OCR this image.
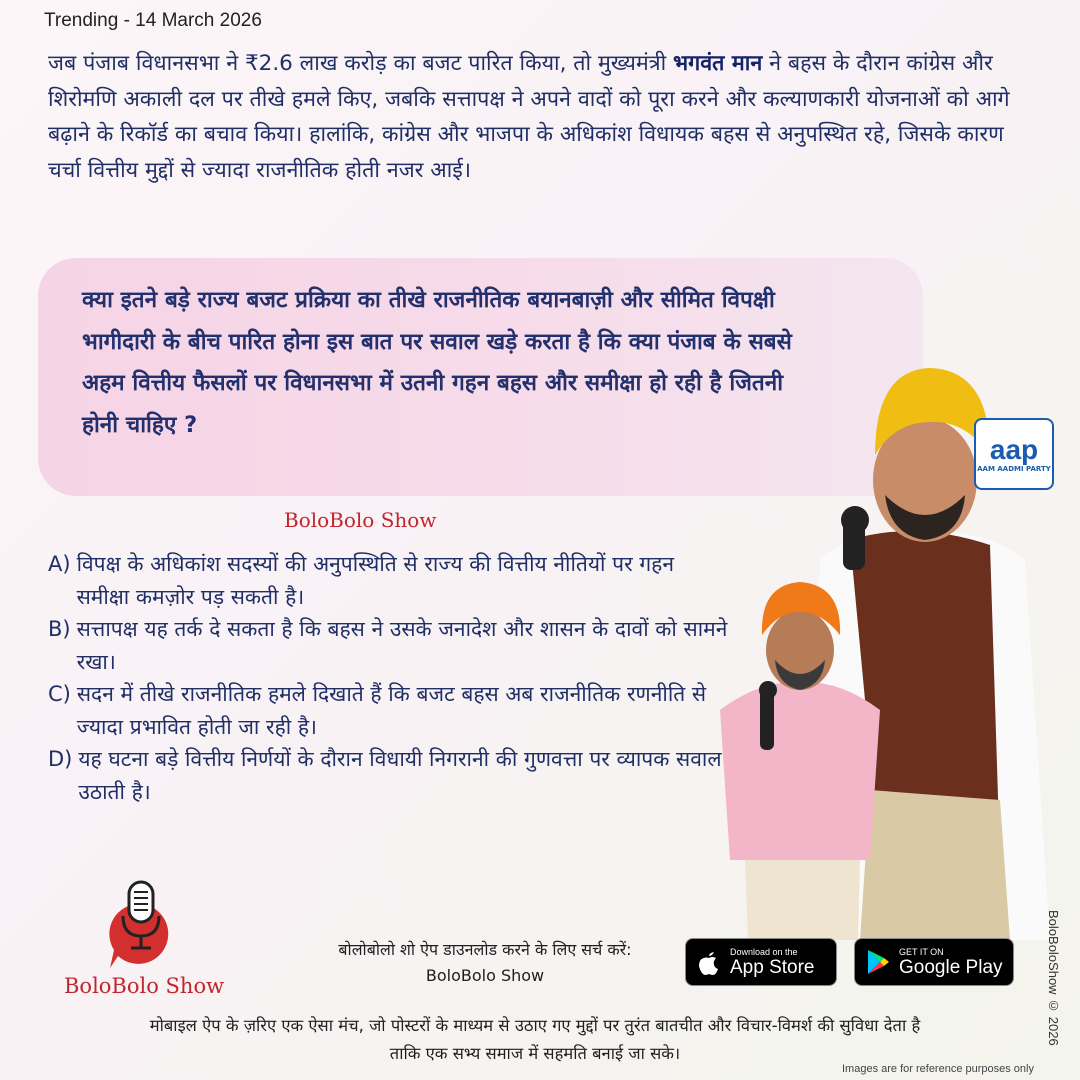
Trending - 14 March 2026

जब पंजाब विधानसभा ने ₹2.6 लाख करोड़ का बजट पारित किया, तो मुख्यमंत्री भगवंत मान ने बहस के दौरान कांग्रेस और शिरोमणि अकाली दल पर तीखे हमले किए, जबकि सत्तापक्ष ने अपने वादों को पूरा करने और कल्याणकारी योजनाओं को आगे बढ़ाने के रिकॉर्ड का बचाव किया। हालांकि, कांग्रेस और भाजपा के अधिकांश विधायक बहस से अनुपस्थित रहे, जिसके कारण चर्चा वित्तीय मुद्दों से ज्यादा राजनीतिक होती नजर आई।

क्या इतने बड़े राज्य बजट प्रक्रिया का तीखे राजनीतिक बयानबाज़ी और सीमित विपक्षी भागीदारी के बीच पारित होना इस बात पर सवाल खड़े करता है कि क्या पंजाब के सबसे अहम वित्तीय फैसलों पर विधानसभा में उतनी गहन बहस और समीक्षा हो रही है जितनी होनी चाहिए ?

BoloBolo Show
A) विपक्ष के अधिकांश सदस्यों की अनुपस्थिति से राज्य की वित्तीय नीतियों पर गहन समीक्षा कमज़ोर पड़ सकती है।
B) सत्तापक्ष यह तर्क दे सकता है कि बहस ने उसके जनादेश और शासन के दावों को सामने रखा।
C) सदन में तीखे राजनीतिक हमले दिखाते हैं कि बजट बहस अब राजनीतिक रणनीति से ज्यादा प्रभावित होती जा रही है।
D) यह घटना बड़े वित्तीय निर्णयों के दौरान विधायी निगरानी की गुणवत्ता पर व्यापक सवाल उठाती है।
aap
AAM AADMI PARTY
BoloBoloShow © 2026
BoloBolo Show
बोलोबोलो शो ऐप डाउनलोड करने के लिए सर्च करें:
BoloBolo Show
Download on the
App Store
GET IT ON
Google Play
मोबाइल ऐप के ज़रिए एक ऐसा मंच, जो पोस्टरों के माध्यम से उठाए गए मुद्दों पर तुरंत बातचीत और विचार-विमर्श की सुविधा देता है
ताकि एक सभ्य समाज में सहमति बनाई जा सके।
Images are for reference purposes only
